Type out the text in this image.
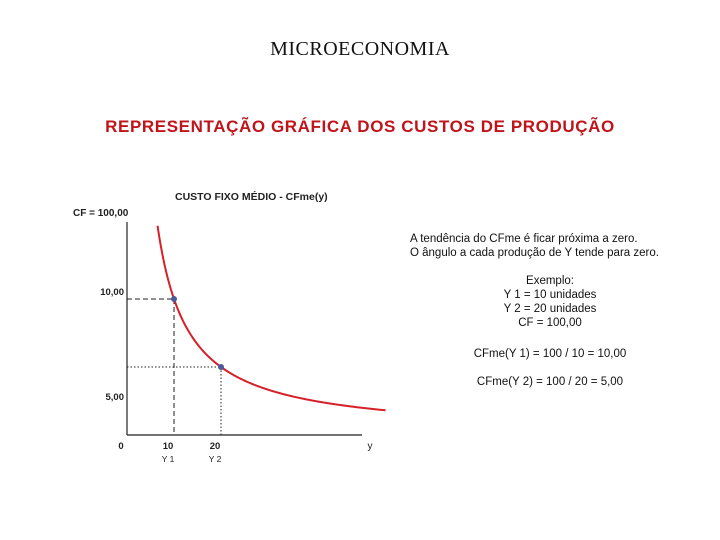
MICROECONOMIA
REPRESENTAÇÃO GRÁFICA DOS CUSTOS DE PRODUÇÃO
CUSTO FIXO MÉDIO - CFme(y)
CF = 100,00
10,00
5,00
0	10	20
Y 1	Y 2
y
A tendência do CFme é ficar próxima a zero.
O ângulo a cada produção de Y tende para zero.
Exemplo:
Y 1 = 10 unidades
Y 2 = 20 unidades
CF = 100,00
CFme(Y 1) = 100 / 10 = 10,00
CFme(Y 2) = 100 / 20 = 5,00
